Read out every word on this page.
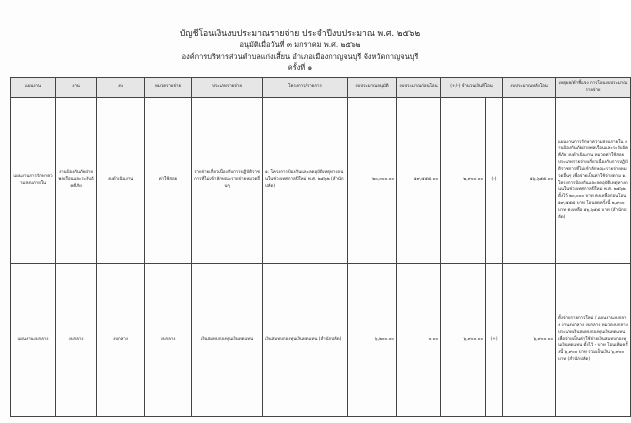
บัญชีโอนเงินงบประมาณรายจ่าย ประจำปีงบประมาณ พ.ศ. ๒๕๖๒
อนุมัติเมื่อวันที่ ๓ มกราคม พ.ศ. ๒๕๖๒
องค์การบริหารส่วนตำบลแก่งเสี้ยน อำเภอเมืองกาญจนบุรี จังหวัดกาญจนบุรี
ครั้งที่ ๑
แผนงาน	งาน	งบ	หมวดรายจ่าย	ประเภทรายจ่าย	โครงการ/รายการ	งบประมาณอนุมัติ	งบประมาณก่อนโอน	(+/-) จำนวนเงินที่โอน		งบประมาณหลังโอน	เหตุผล/คำชี้แจง การโอนงบประมาณรายจ่าย
แผนงานการรักษาความสงบภายใน	งานป้องกันภัยฝ่ายพลเรือนและระงับอัคคีภัย	งบดำเนินงาน	ค่าใช้สอย	รายจ่ายเกี่ยวเนื่องกับการปฏิบัติราชการที่ไม่เข้าลักษณะรายจ่ายหมวดอื่นๆ	๑. โครงการป้องกันและลดอุบัติเหตุทางถนนในช่วงเทศกาลปีใหม่ พ.ศ. ๒๕๖๒ (สำนักปลัด)	๒๐,๐๐๐.๐๐	๑๙,๕๕๕.๐๐	๒,๙๐๐.๐๐	(-)	๑๖,๖๕๕.๐๐	แผนงานการรักษาความสงบภายใน งานป้องกันภัยฝ่ายพลเรือนและระงับอัคคีภัย งบดำเนินงาน หมวดค่าใช้สอย ประเภทรายจ่ายเกี่ยวเนื่องกับการปฏิบัติราชการที่ไม่เข้าลักษณะรายจ่ายหมวดอื่นๆ เพื่อจ่ายเป็นค่าใช้จ่ายตาม ๑. โครงการป้องกันและลดอุบัติเหตุทางถนนในช่วงเทศกาลปีใหม่ พ.ศ. ๒๕๖๒ ตั้งไว้ ๒๐,๐๐๐ บาท คงเหลือก่อนโอน ๑๙,๕๕๕ บาท โอนลดครั้งนี้ ๒,๙๐๐ บาท คงเหลือ ๑๖,๖๕๕ บาท (สำนักปลัด)
แผนงานงบกลาง	งบกลาง	งบกลาง	งบกลาง	เงินสมทบกองทุนเงินทดแทน	เงินสมทบกองทุนเงินทดแทน (สำนักปลัด)	๖,๒๐๐.๐๐	๐.๐๐	๖,๙๐๐.๐๐	(+)	๖,๙๐๐.๐๐	ตั้งจ่ายรายการใหม่ / แผนงานงบกลาง งานงบกลาง งบกลาง หมวดงบกลาง ประเภทเงินสมทบกองทุนเงินทดแทน เพื่อจ่ายเป็นค่าใช้จ่ายเงินสมทบกองทุนเงินทดแทน ตั้งไว้ - บาท โอนเพิ่มครั้งนี้ ๖,๙๐๐ บาท รวมเป็นเงิน ๖,๙๐๐ บาท (สำนักปลัด)
